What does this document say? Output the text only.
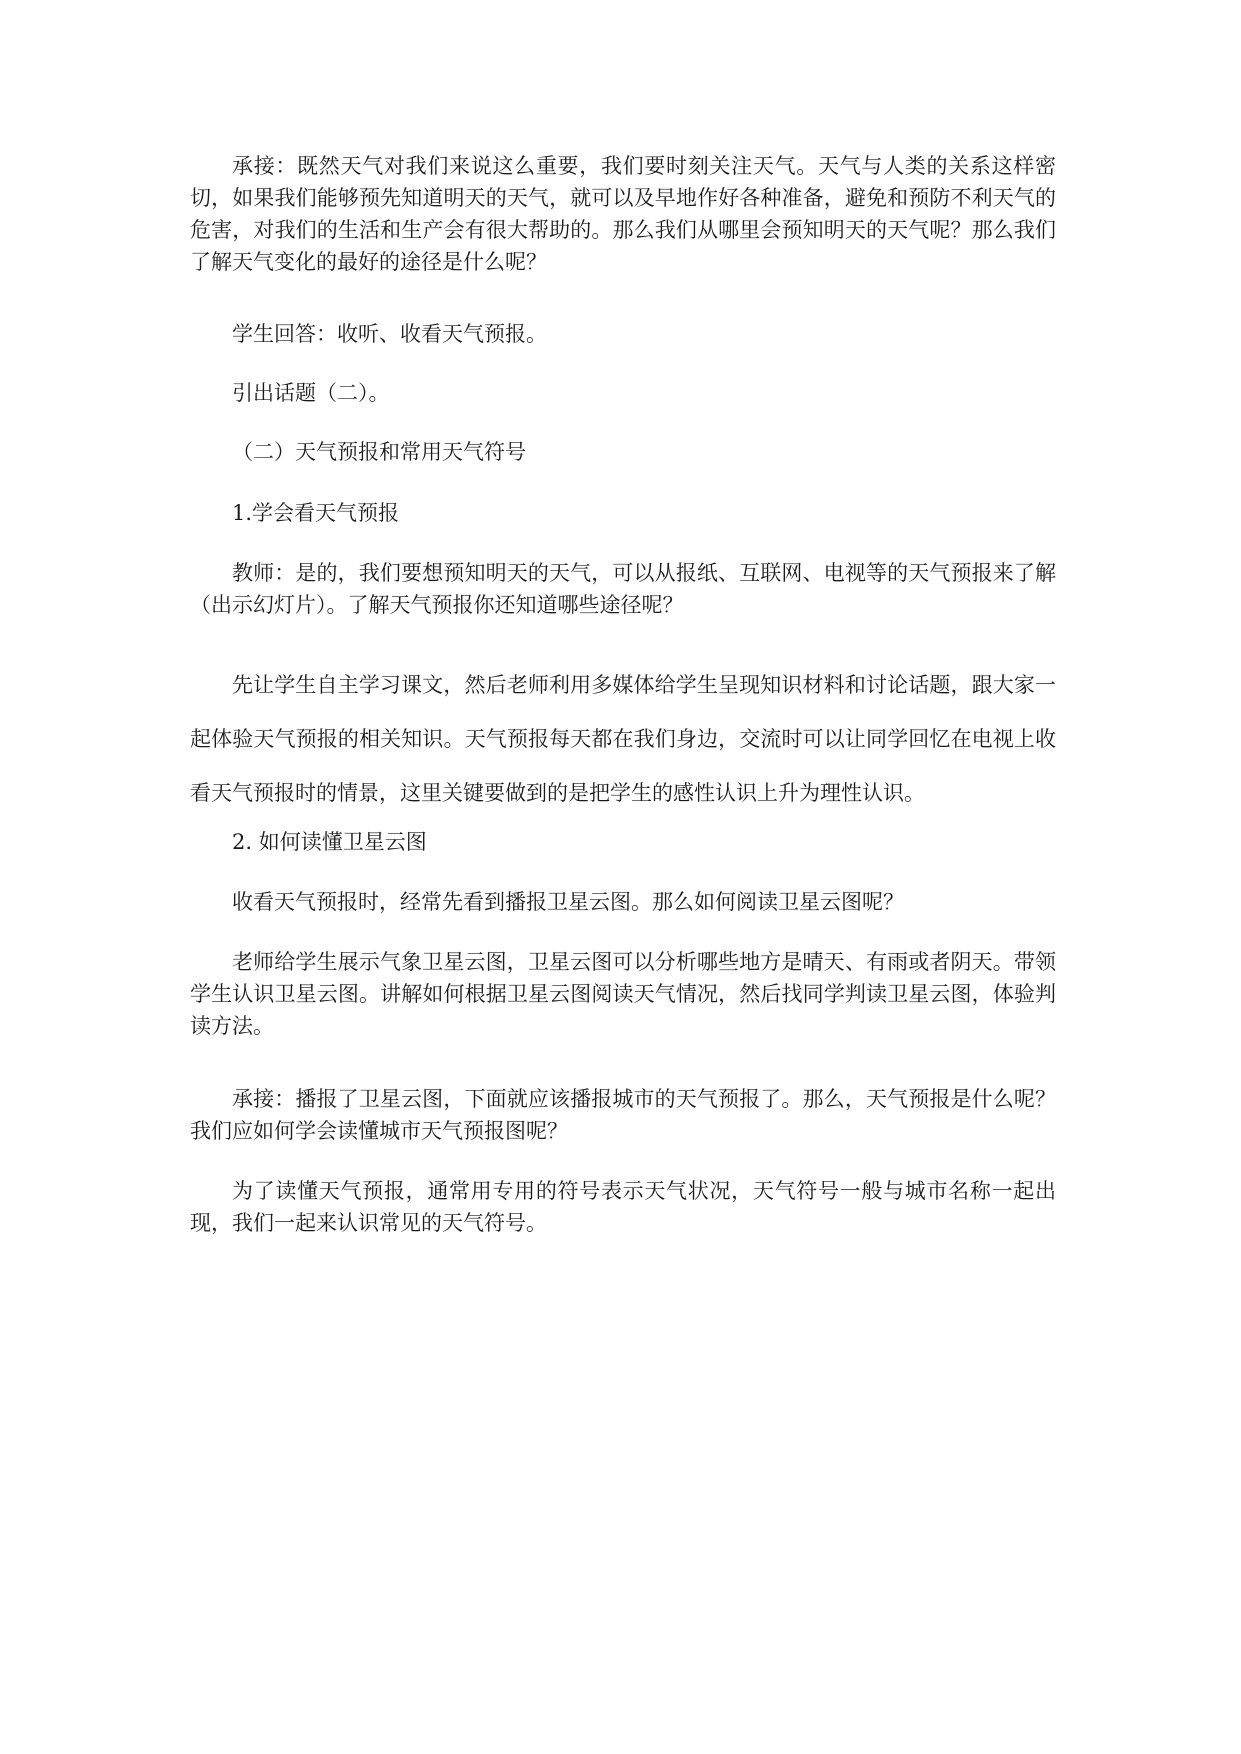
承接：既然天气对我们来说这么重要，我们要时刻关注天气。天气与人类的关系这样密切，如果我们能够预先知道明天的天气，就可以及早地作好各种准备，避免和预防不利天气的危害，对我们的生活和生产会有很大帮助的。那么我们从哪里会预知明天的天气呢？那么我们了解天气变化的最好的途径是什么呢？

学生回答：收听、收看天气预报。

引出话题（二）。

（二）天气预报和常用天气符号

1.学会看天气预报

教师：是的，我们要想预知明天的天气，可以从报纸、互联网、电视等的天气预报来了解（出示幻灯片）。了解天气预报你还知道哪些途径呢？

先让学生自主学习课文，然后老师利用多媒体给学生呈现知识材料和讨论话题，跟大家一起体验天气预报的相关知识。天气预报每天都在我们身边，交流时可以让同学回忆在电视上收看天气预报时的情景，这里关键要做到的是把学生的感性认识上升为理性认识。

2. 如何读懂卫星云图

收看天气预报时，经常先看到播报卫星云图。那么如何阅读卫星云图呢？

老师给学生展示气象卫星云图，卫星云图可以分析哪些地方是晴天、有雨或者阴天。带领学生认识卫星云图。讲解如何根据卫星云图阅读天气情况，然后找同学判读卫星云图，体验判读方法。

承接：播报了卫星云图，下面就应该播报城市的天气预报了。那么，天气预报是什么呢？我们应如何学会读懂城市天气预报图呢？

为了读懂天气预报，通常用专用的符号表示天气状况，天气符号一般与城市名称一起出现，我们一起来认识常见的天气符号。
